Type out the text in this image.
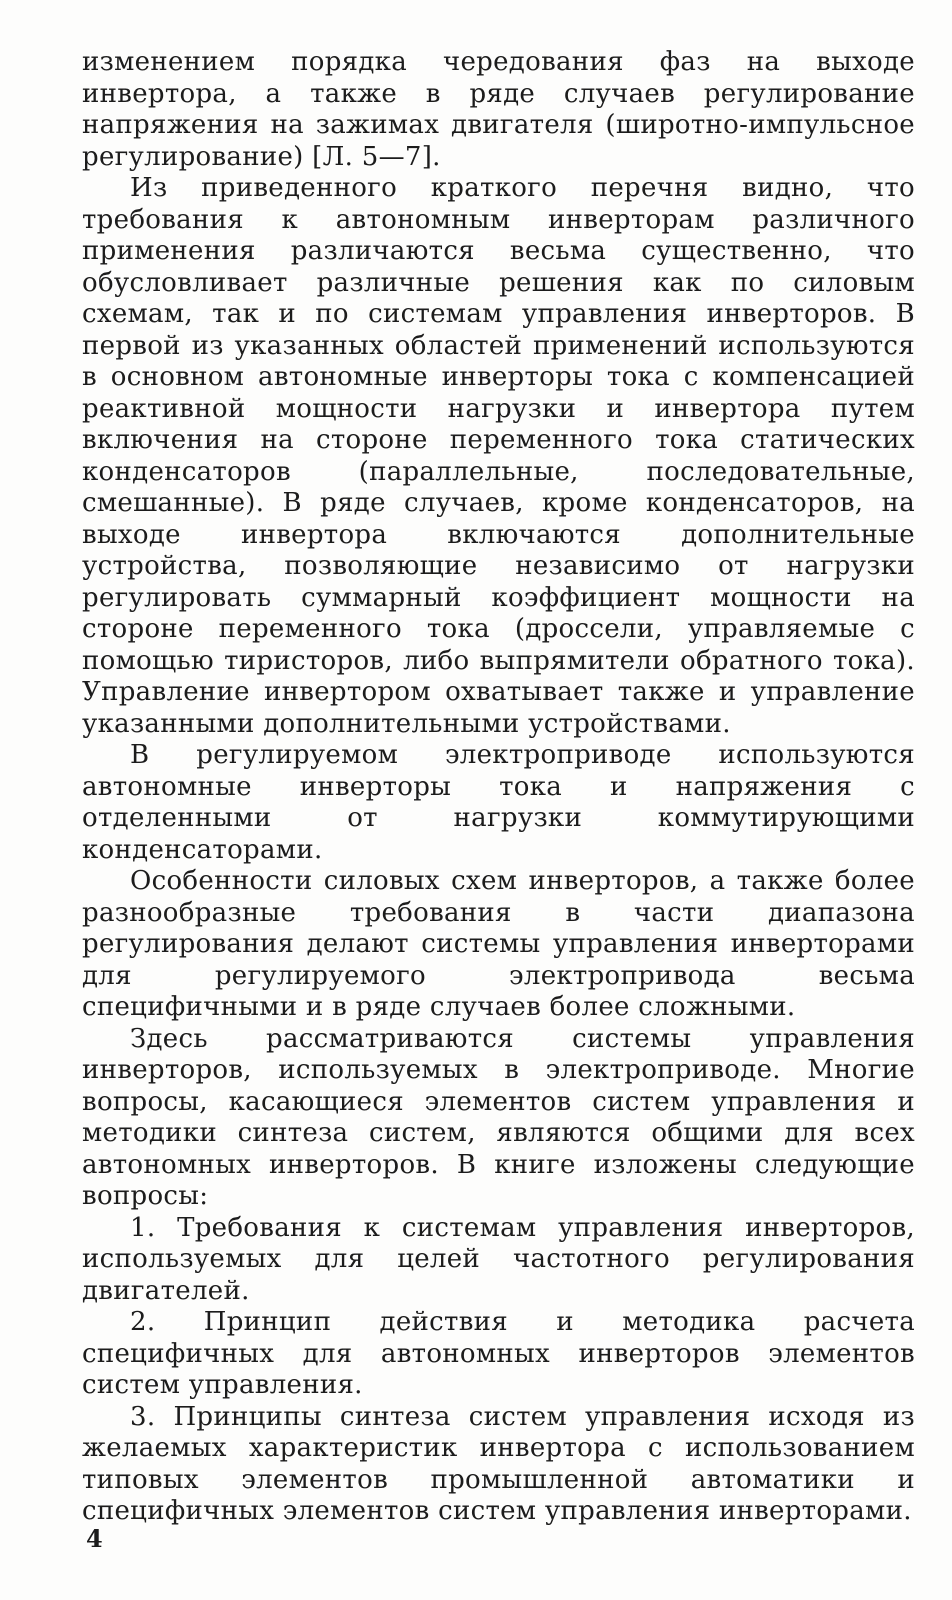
изменением порядка чередования фаз на выходе инвертора, а также в ряде случаев регулирование напряжения на зажимах двигателя (широтно-импульсное регулирование) [Л. 5—7].

Из приведенного краткого перечня видно, что требования к автономным инверторам различного применения различаются весьма существенно, что обусловливает различные решения как по силовым схемам, так и по системам управления инверторов. В первой из указанных областей применений используются в основном автономные инверторы тока с компенсацией реактивной мощности нагрузки и инвертора путем включения на стороне переменного тока статических конденсаторов (параллельные, последовательные, смешанные). В ряде случаев, кроме конденсаторов, на выходе инвертора включаются дополнительные устройства, позволяющие независимо от нагрузки регулировать суммарный коэффициент мощности на стороне переменного тока (дроссели, управляемые с помощью тиристоров, либо выпрямители обратного тока). Управление инвертором охватывает также и управление указанными дополнительными устройствами.

В регулируемом электроприводе используются автономные инверторы тока и напряжения с отделенными от нагрузки коммутирующими конденсаторами.

Особенности силовых схем инверторов, а также более разнообразные требования в части диапазона регулирования делают системы управления инверторами для регулируемого электропривода весьма специфичными и в ряде случаев более сложными.

Здесь рассматриваются системы управления инверторов, используемых в электроприводе. Многие вопросы, касающиеся элементов систем управления и методики синтеза систем, являются общими для всех автономных инверторов. В книге изложены следующие вопросы:

1. Требования к системам управления инверторов, используемых для целей частотного регулирования двигателей.

2. Принцип действия и методика расчета специфичных для автономных инверторов элементов систем управления.

3. Принципы синтеза систем управления исходя из желаемых характеристик инвертора с использованием типовых элементов промышленной автоматики и специфичных элементов систем управления инверторами.

4
